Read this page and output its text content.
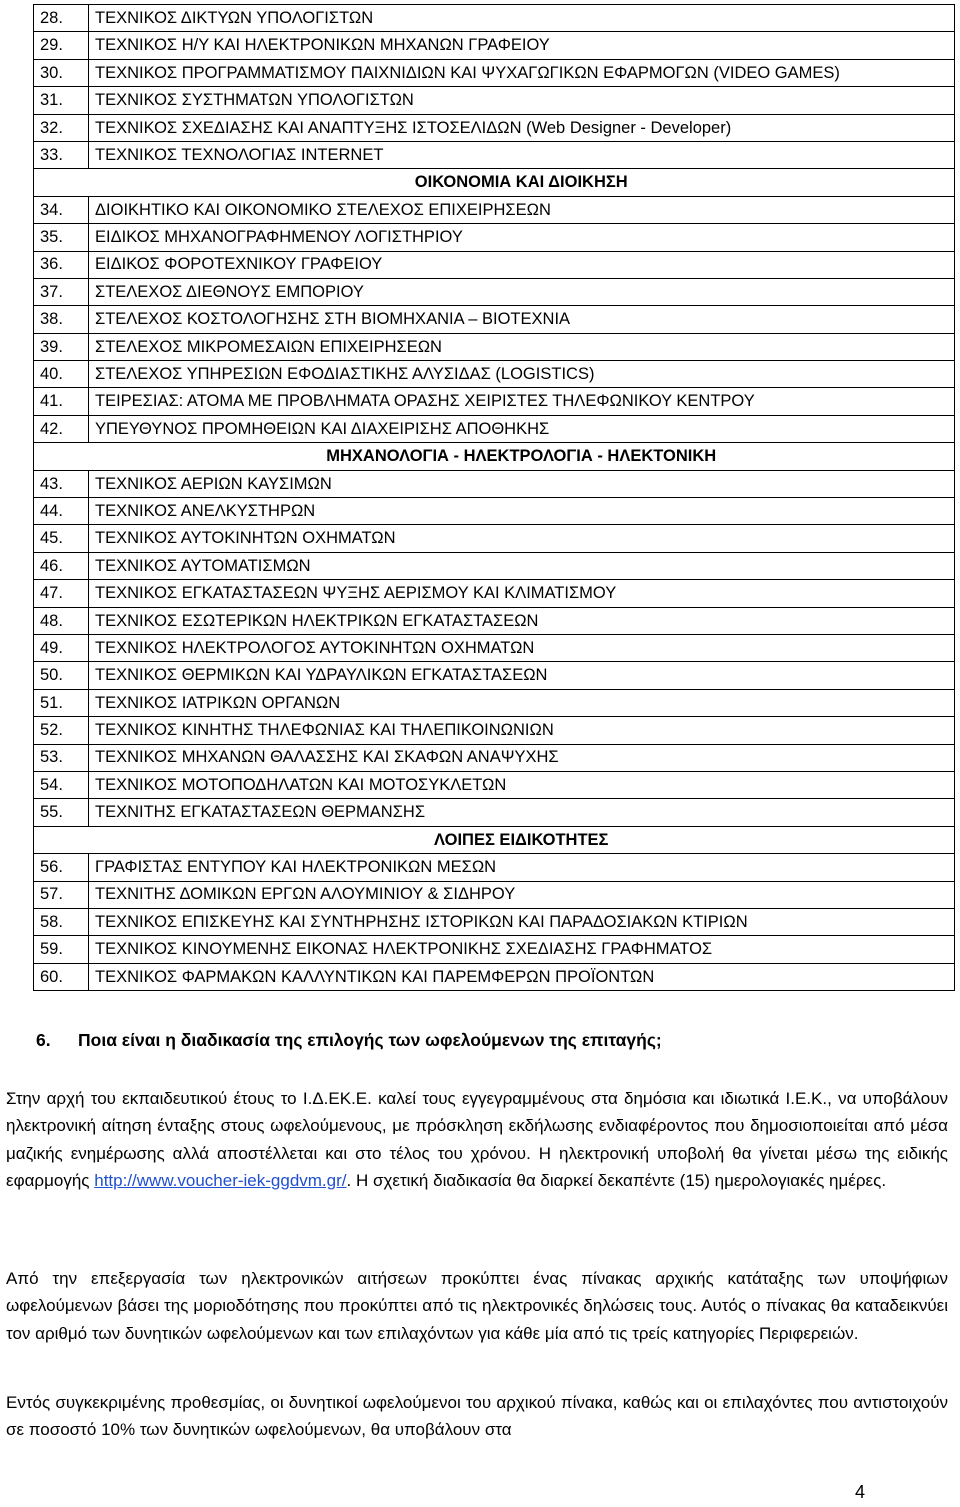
28.	ΤΕΧΝΙΚΟΣ ΔΙΚΤΥΩΝ ΥΠΟΛΟΓΙΣΤΩΝ
29.	ΤΕΧΝΙΚΟΣ Η/Υ ΚΑΙ ΗΛΕΚΤΡΟΝΙΚΩΝ ΜΗΧΑΝΩΝ ΓΡΑΦΕΙΟΥ
30.	ΤΕΧΝΙΚΟΣ ΠΡΟΓΡΑΜΜΑΤΙΣΜΟΥ ΠΑΙΧΝΙΔΙΩΝ ΚΑΙ ΨΥΧΑΓΩΓΙΚΩΝ ΕΦΑΡΜΟΓΩΝ (VIDEO GAMES)
31.	ΤΕΧΝΙΚΟΣ ΣΥΣΤΗΜΑΤΩΝ ΥΠΟΛΟΓΙΣΤΩΝ
32.	ΤΕΧΝΙΚΟΣ ΣΧΕΔΙΑΣΗΣ ΚΑΙ ΑΝΑΠΤΥΞΗΣ ΙΣΤΟΣΕΛΙΔΩΝ (Web Designer - Developer)
33.	ΤΕΧΝΙΚΟΣ ΤΕΧΝΟΛΟΓΙΑΣ INTERNET
	ΟΙΚΟΝΟΜΙΑ ΚΑΙ ΔΙΟΙΚΗΣΗ
34.	ΔΙΟΙΚΗΤΙΚΟ ΚΑΙ ΟΙΚΟΝΟΜΙΚΟ ΣΤΕΛΕΧΟΣ ΕΠΙΧΕΙΡΗΣΕΩΝ
35.	ΕΙΔΙΚΟΣ ΜΗΧΑΝΟΓΡΑΦΗΜΕΝΟΥ ΛΟΓΙΣΤΗΡΙΟΥ
36.	ΕΙΔΙΚΟΣ ΦΟΡΟΤΕΧΝΙΚΟΥ ΓΡΑΦΕΙΟΥ
37.	ΣΤΕΛΕΧΟΣ ΔΙΕΘΝΟΥΣ ΕΜΠΟΡΙΟΥ
38.	ΣΤΕΛΕΧΟΣ ΚΟΣΤΟΛΟΓΗΣΗΣ ΣΤΗ ΒΙΟΜΗΧΑΝΙΑ – ΒΙΟΤΕΧΝΙΑ
39.	ΣΤΕΛΕΧΟΣ ΜΙΚΡΟΜΕΣΑΙΩΝ ΕΠΙΧΕΙΡΗΣΕΩΝ
40.	ΣΤΕΛΕΧΟΣ ΥΠΗΡΕΣΙΩΝ ΕΦΟΔΙΑΣΤΙΚΗΣ ΑΛΥΣΙΔΑΣ (LOGISTICS)
41.	ΤΕΙΡΕΣΙΑΣ: ΑΤΟΜΑ ΜΕ ΠΡΟΒΛΗΜΑΤΑ ΟΡΑΣΗΣ ΧΕΙΡΙΣΤΕΣ ΤΗΛΕΦΩΝΙΚΟΥ ΚΕΝΤΡΟΥ
42.	ΥΠΕΥΘΥΝΟΣ ΠΡΟΜΗΘΕΙΩΝ ΚΑΙ ΔΙΑΧΕΙΡΙΣΗΣ ΑΠΟΘΗΚΗΣ
	ΜΗΧΑΝΟΛΟΓΙΑ - ΗΛΕΚΤΡΟΛΟΓΙΑ - ΗΛΕΚΤΟΝΙΚΗ
43.	ΤΕΧΝΙΚΟΣ ΑΕΡΙΩΝ ΚΑΥΣΙΜΩΝ
44.	ΤΕΧΝΙΚΟΣ ΑΝΕΛΚΥΣΤΗΡΩΝ
45.	ΤΕΧΝΙΚΟΣ ΑΥΤΟΚΙΝΗΤΩΝ ΟΧΗΜΑΤΩΝ
46.	ΤΕΧΝΙΚΟΣ ΑΥΤΟΜΑΤΙΣΜΩΝ
47.	ΤΕΧΝΙΚΟΣ ΕΓΚΑΤΑΣΤΑΣΕΩΝ ΨΥΞΗΣ ΑΕΡΙΣΜΟΥ ΚΑΙ ΚΛΙΜΑΤΙΣΜΟΥ
48.	ΤΕΧΝΙΚΟΣ ΕΣΩΤΕΡΙΚΩΝ ΗΛΕΚΤΡΙΚΩΝ ΕΓΚΑΤΑΣΤΑΣΕΩΝ
49.	ΤΕΧΝΙΚΟΣ ΗΛΕΚΤΡΟΛΟΓΟΣ ΑΥΤΟΚΙΝΗΤΩΝ ΟΧΗΜΑΤΩΝ
50.	ΤΕΧΝΙΚΟΣ ΘΕΡΜΙΚΩΝ ΚΑΙ ΥΔΡΑΥΛΙΚΩΝ ΕΓΚΑΤΑΣΤΑΣΕΩΝ
51.	ΤΕΧΝΙΚΟΣ ΙΑΤΡΙΚΩΝ ΟΡΓΑΝΩΝ
52.	ΤΕΧΝΙΚΟΣ ΚΙΝΗΤΗΣ ΤΗΛΕΦΩΝΙΑΣ ΚΑΙ ΤΗΛΕΠΙΚΟΙΝΩΝΙΩΝ
53.	ΤΕΧΝΙΚΟΣ ΜΗΧΑΝΩΝ ΘΑΛΑΣΣΗΣ ΚΑΙ ΣΚΑΦΩΝ ΑΝΑΨΥΧΗΣ
54.	ΤΕΧΝΙΚΟΣ ΜΟΤΟΠΟΔΗΛΑΤΩΝ ΚΑΙ ΜΟΤΟΣΥΚΛΕΤΩΝ
55.	ΤΕΧΝΙΤΗΣ ΕΓΚΑΤΑΣΤΑΣΕΩΝ ΘΕΡΜΑΝΣΗΣ
	ΛΟΙΠΕΣ ΕΙΔΙΚΟΤΗΤΕΣ
56.	ΓΡΑΦΙΣΤΑΣ ΕΝΤΥΠΟΥ ΚΑΙ ΗΛΕΚΤΡΟΝΙΚΩΝ ΜΕΣΩΝ
57.	ΤΕΧΝΙΤΗΣ ΔΟΜΙΚΩΝ ΕΡΓΩΝ ΑΛΟΥΜΙΝΙΟΥ & ΣΙΔΗΡΟΥ
58.	ΤΕΧΝΙΚΟΣ ΕΠΙΣΚΕΥΗΣ ΚΑΙ ΣΥΝΤΗΡΗΣΗΣ ΙΣΤΟΡΙΚΩΝ ΚΑΙ ΠΑΡΑΔΟΣΙΑΚΩΝ ΚΤΙΡΙΩΝ
59.	ΤΕΧΝΙΚΟΣ ΚΙΝΟΥΜΕΝΗΣ ΕΙΚΟΝΑΣ ΗΛΕΚΤΡΟΝΙΚΗΣ ΣΧΕΔΙΑΣΗΣ ΓΡΑΦΗΜΑΤΟΣ
60.	ΤΕΧΝΙΚΟΣ ΦΑΡΜΑΚΩΝ ΚΑΛΛΥΝΤΙΚΩΝ ΚΑΙ ΠΑΡΕΜΦΕΡΩΝ ΠΡΟΪΟΝΤΩΝ
6. Ποια είναι η διαδικασία της επιλογής των ωφελούμενων της επιταγής;
Στην αρχή του εκπαιδευτικού έτους το Ι.Δ.ΕΚ.Ε. καλεί τους εγγεγραμμένους στα δημόσια και ιδιωτικά Ι.Ε.Κ., να υποβάλουν ηλεκτρονική αίτηση ένταξης στους ωφελούμενους, με πρόσκληση εκδήλωσης ενδιαφέροντος που δημοσιοποιείται από μέσα μαζικής ενημέρωσης αλλά αποστέλλεται και στο τέλος του χρόνου. Η ηλεκτρονική υποβολή θα γίνεται μέσω της ειδικής εφαρμογής http://www.voucher-iek-ggdvm.gr/. Η σχετική διαδικασία θα διαρκεί δεκαπέντε (15) ημερολογιακές ημέρες.
Από την επεξεργασία των ηλεκτρονικών αιτήσεων προκύπτει ένας πίνακας αρχικής κατάταξης των υποψήφιων ωφελούμενων βάσει της μοριοδότησης που προκύπτει από τις ηλεκτρονικές δηλώσεις τους. Αυτός ο πίνακας θα καταδεικνύει τον αριθμό των δυνητικών ωφελούμενων και των επιλαχόντων για κάθε μία από τις τρείς κατηγορίες Περιφερειών.
Εντός συγκεκριμένης προθεσμίας, οι δυνητικοί ωφελούμενοι του αρχικού πίνακα, καθώς και οι επιλαχόντες που αντιστοιχούν σε ποσοστό 10% των δυνητικών ωφελούμενων, θα υποβάλουν στα
4
